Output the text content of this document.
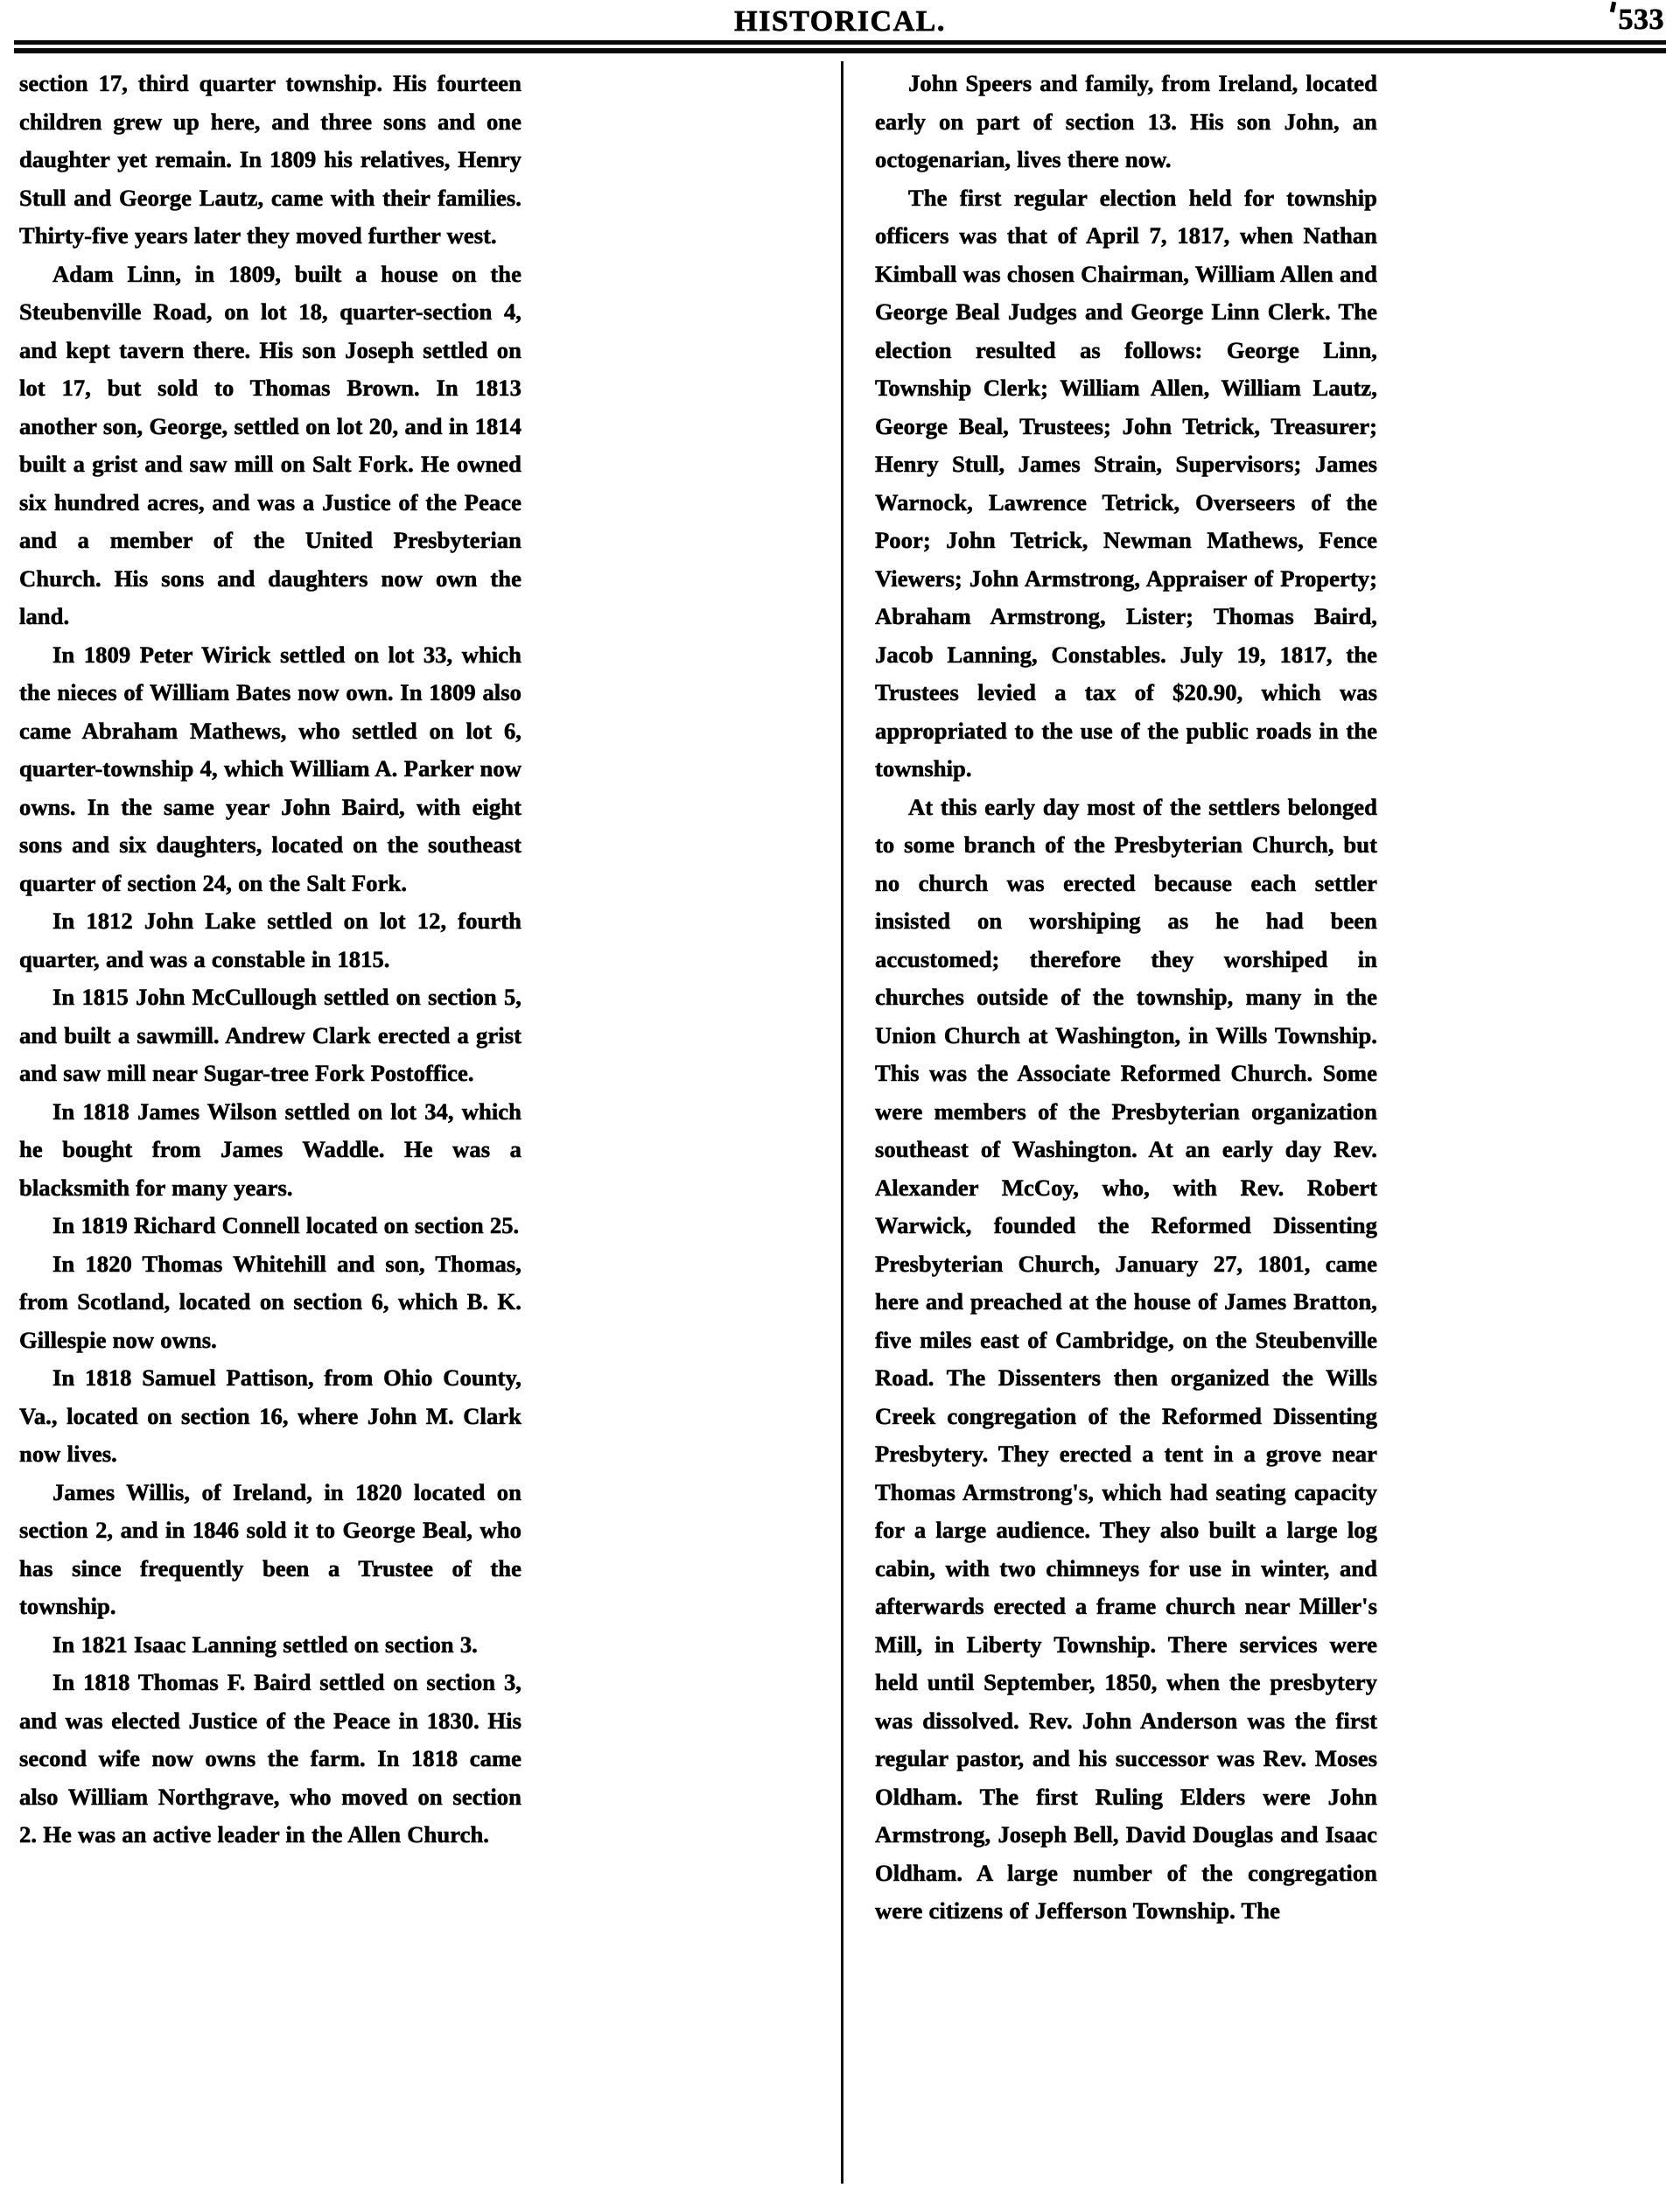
HISTORICAL.	533

section 17, third quarter township. His fourteen children grew up here, and three sons and one daughter yet remain. In 1809 his relatives, Henry Stull and George Lautz, came with their families. Thirty-five years later they moved further west.

Adam Linn, in 1809, built a house on the Steubenville Road, on lot 18, quarter-section 4, and kept tavern there. His son Joseph settled on lot 17, but sold to Thomas Brown. In 1813 another son, George, settled on lot 20, and in 1814 built a grist and saw mill on Salt Fork. He owned six hundred acres, and was a Justice of the Peace and a member of the United Presbyterian Church. His sons and daughters now own the land.

In 1809 Peter Wirick settled on lot 33, which the nieces of William Bates now own. In 1809 also came Abraham Mathews, who settled on lot 6, quarter-township 4, which William A. Parker now owns. In the same year John Baird, with eight sons and six daughters, located on the southeast quarter of section 24, on the Salt Fork.

In 1812 John Lake settled on lot 12, fourth quarter, and was a constable in 1815.

In 1815 John McCullough settled on section 5, and built a sawmill. Andrew Clark erected a grist and saw mill near Sugar-tree Fork Postoffice.

In 1818 James Wilson settled on lot 34, which he bought from James Waddle. He was a blacksmith for many years.

In 1819 Richard Connell located on section 25.

In 1820 Thomas Whitehill and son, Thomas, from Scotland, located on section 6, which B. K. Gillespie now owns.

In 1818 Samuel Pattison, from Ohio County, Va., located on section 16, where John M. Clark now lives.

James Willis, of Ireland, in 1820 located on section 2, and in 1846 sold it to George Beal, who has since frequently been a Trustee of the township.

In 1821 Isaac Lanning settled on section 3.

In 1818 Thomas F. Baird settled on section 3, and was elected Justice of the Peace in 1830. His second wife now owns the farm. In 1818 came also William Northgrave, who moved on section 2. He was an active leader in the Allen Church.

John Speers and family, from Ireland, located early on part of section 13. His son John, an octogenarian, lives there now.

The first regular election held for township officers was that of April 7, 1817, when Nathan Kimball was chosen Chairman, William Allen and George Beal Judges and George Linn Clerk. The election resulted as follows: George Linn, Township Clerk; William Allen, William Lautz, George Beal, Trustees; John Tetrick, Treasurer; Henry Stull, James Strain, Supervisors; James Warnock, Lawrence Tetrick, Overseers of the Poor; John Tetrick, Newman Mathews, Fence Viewers; John Armstrong, Appraiser of Property; Abraham Armstrong, Lister; Thomas Baird, Jacob Lanning, Constables. July 19, 1817, the Trustees levied a tax of $20.90, which was appropriated to the use of the public roads in the township.

At this early day most of the settlers belonged to some branch of the Presbyterian Church, but no church was erected because each settler insisted on worshiping as he had been accustomed; therefore they worshiped in churches outside of the township, many in the Union Church at Washington, in Wills Township. This was the Associate Reformed Church. Some were members of the Presbyterian organization southeast of Washington. At an early day Rev. Alexander McCoy, who, with Rev. Robert Warwick, founded the Reformed Dissenting Presbyterian Church, January 27, 1801, came here and preached at the house of James Bratton, five miles east of Cambridge, on the Steubenville Road. The Dissenters then organized the Wills Creek congregation of the Reformed Dissenting Presbytery. They erected a tent in a grove near Thomas Armstrong's, which had seating capacity for a large audience. They also built a large log cabin, with two chimneys for use in winter, and afterwards erected a frame church near Miller's Mill, in Liberty Township. There services were held until September, 1850, when the presbytery was dissolved. Rev. John Anderson was the first regular pastor, and his successor was Rev. Moses Oldham. The first Ruling Elders were John Armstrong, Joseph Bell, David Douglas and Isaac Oldham. A large number of the congregation were citizens of Jefferson Township. The
